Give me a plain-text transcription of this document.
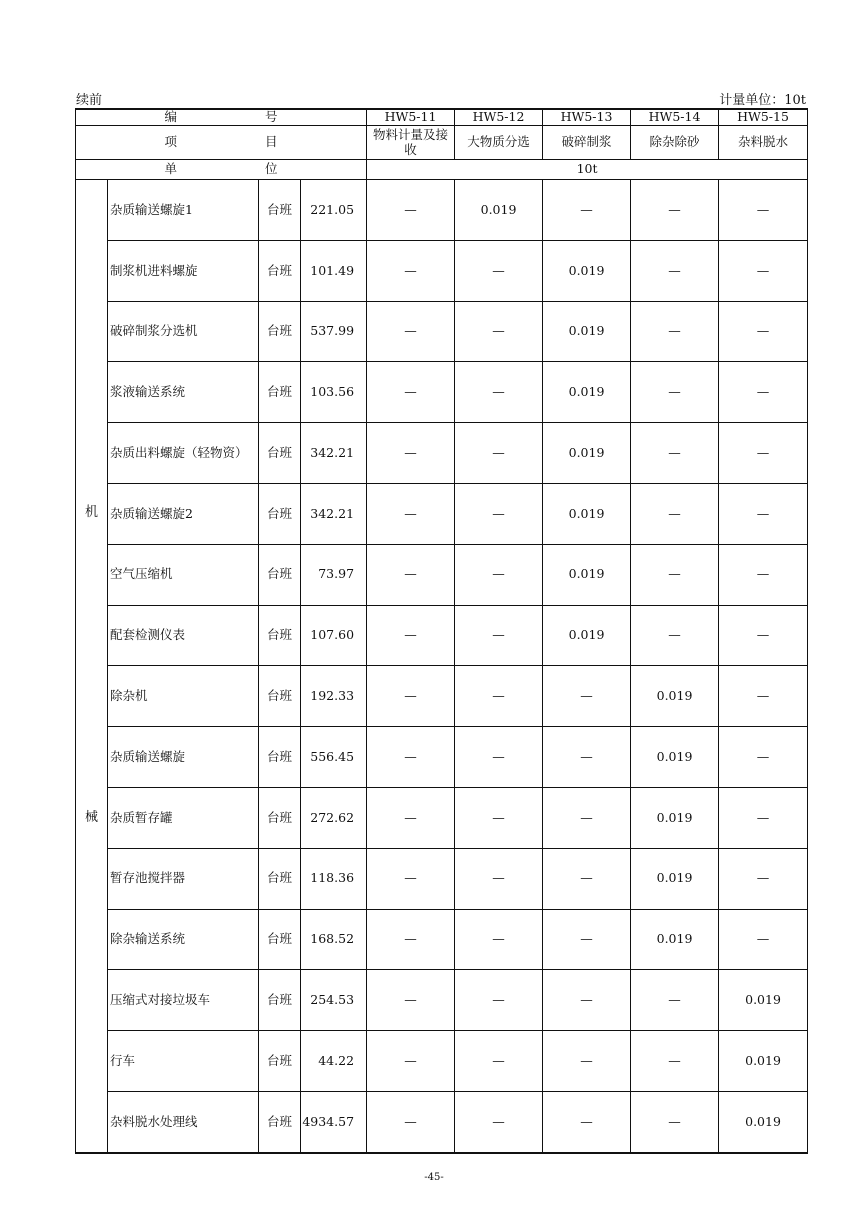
续前	计量单位：10t
编 号				HW5-11	HW5-12	HW5-13	HW5-14	HW5-15
项 目				物料计量及接收	大物质分选	破碎制浆	除杂除砂	杂料脱水
单 位				10t				

机
械	杂质输送螺旋1	台班	221.05	—	0.019	—	—	—
	制浆机进料螺旋	台班	101.49	—	—	0.019	—	—
	破碎制浆分选机	台班	537.99	—	—	0.019	—	—
	浆液输送系统	台班	103.56	—	—	0.019	—	—
	杂质出料螺旋（轻物资）	台班	342.21	—	—	0.019	—	—
	杂质输送螺旋2	台班	342.21	—	—	0.019	—	—
	空气压缩机	台班	73.97	—	—	0.019	—	—
	配套检测仪表	台班	107.60	—	—	0.019	—	—
	除杂机	台班	192.33	—	—	—	0.019	—
	杂质输送螺旋	台班	556.45	—	—	—	0.019	—
	杂质暂存罐	台班	272.62	—	—	—	0.019	—
	暂存池搅拌器	台班	118.36	—	—	—	0.019	—
	除杂输送系统	台班	168.52	—	—	—	0.019	—
	压缩式对接垃圾车	台班	254.53	—	—	—	—	0.019
	行车	台班	44.22	—	—	—	—	0.019
	杂料脱水处理线	台班	4934.57	—	—	—	—	0.019
-45-
